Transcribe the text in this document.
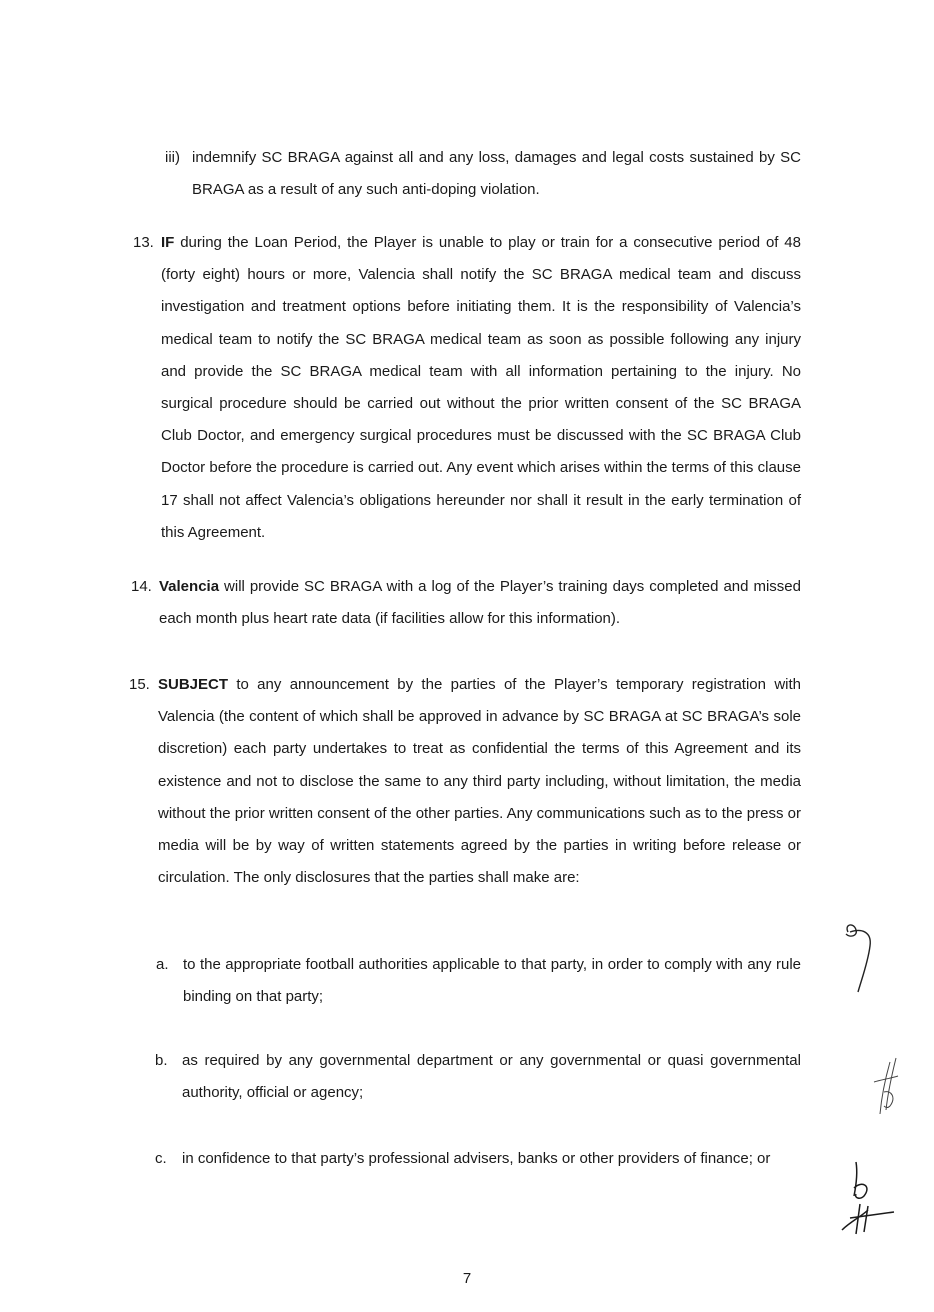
iii) indemnify SC BRAGA against all and any loss, damages and legal costs sustained by SC BRAGA as a result of any such anti-doping violation.
13. IF during the Loan Period, the Player is unable to play or train for a consecutive period of 48 (forty eight) hours or more, Valencia shall notify the SC BRAGA medical team and discuss investigation and treatment options before initiating them. It is the responsibility of Valencia’s medical team to notify the SC BRAGA medical team as soon as possible following any injury and provide the SC BRAGA medical team with all information pertaining to the injury. No surgical procedure should be carried out without the prior written consent of the SC BRAGA Club Doctor, and emergency surgical procedures must be discussed with the SC BRAGA Club Doctor before the procedure is carried out. Any event which arises within the terms of this clause 17 shall not affect Valencia’s obligations hereunder nor shall it result in the early termination of this Agreement.
14. Valencia will provide SC BRAGA with a log of the Player’s training days completed and missed each month plus heart rate data (if facilities allow for this information).
15. SUBJECT to any announcement by the parties of the Player’s temporary registration with Valencia (the content of which shall be approved in advance by SC BRAGA at SC BRAGA’s sole discretion) each party undertakes to treat as confidential the terms of this Agreement and its existence and not to disclose the same to any third party including, without limitation, the media without the prior written consent of the other parties. Any communications such as to the press or media will be by way of written statements agreed by the parties in writing before release or circulation. The only disclosures that the parties shall make are:
a. to the appropriate football authorities applicable to that party, in order to comply with any rule binding on that party;
b. as required by any governmental department or any governmental or quasi governmental authority, official or agency;
c. in confidence to that party’s professional advisers, banks or other providers of finance; or
7
